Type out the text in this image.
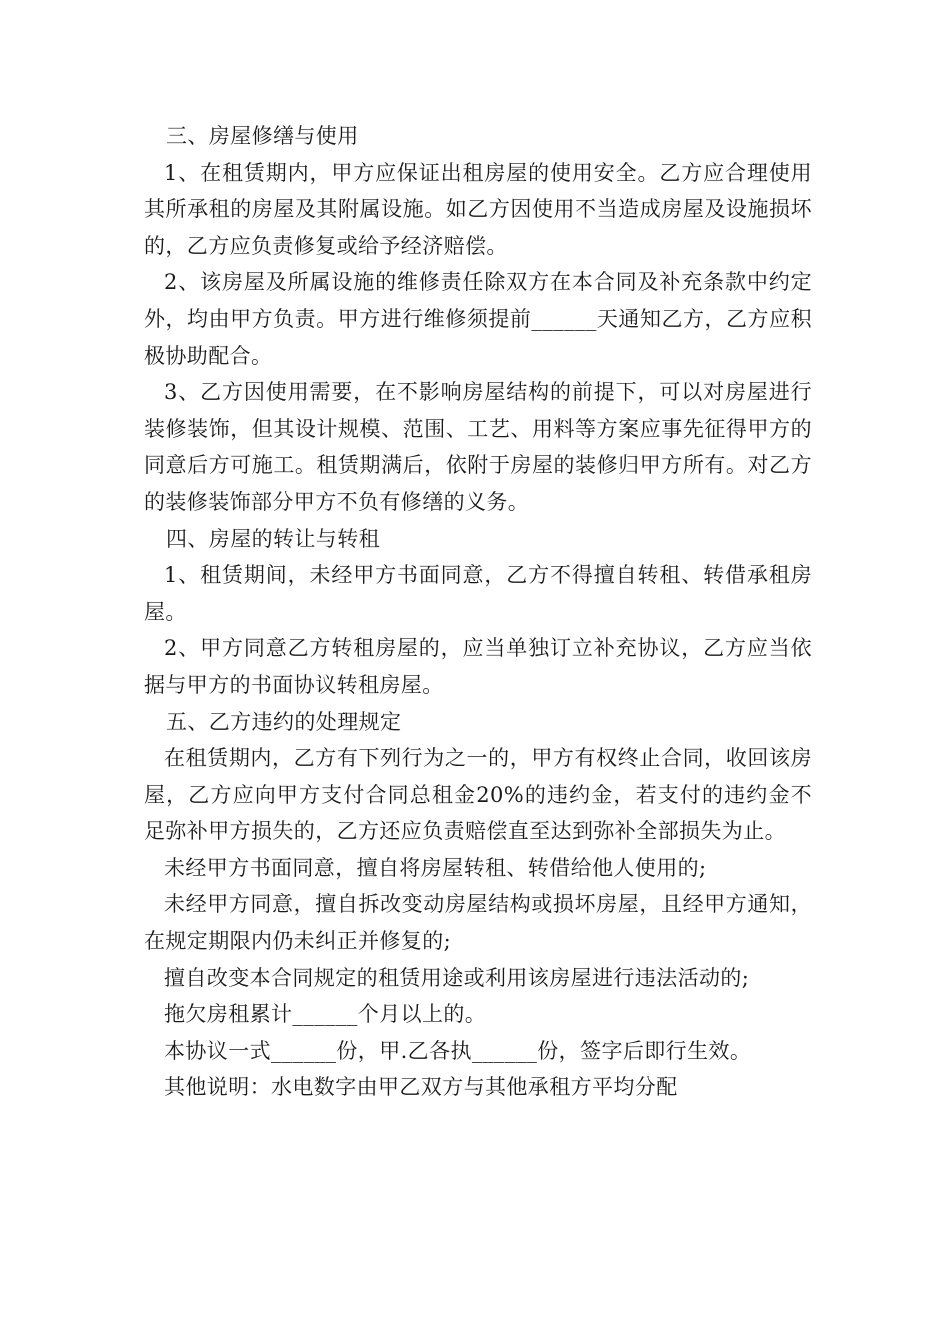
三、房屋修缮与使用

1、在租赁期内，甲方应保证出租房屋的使用安全。乙方应合理使用其所承租的房屋及其附属设施。如乙方因使用不当造成房屋及设施损坏的，乙方应负责修复或给予经济赔偿。

2、该房屋及所属设施的维修责任除双方在本合同及补充条款中约定外，均由甲方负责。甲方进行维修须提前______天通知乙方，乙方应积极协助配合。

3、乙方因使用需要，在不影响房屋结构的前提下，可以对房屋进行装修装饰，但其设计规模、范围、工艺、用料等方案应事先征得甲方的同意后方可施工。租赁期满后，依附于房屋的装修归甲方所有。对乙方的装修装饰部分甲方不负有修缮的义务。

四、房屋的转让与转租

1、租赁期间，未经甲方书面同意，乙方不得擅自转租、转借承租房屋。

2、甲方同意乙方转租房屋的，应当单独订立补充协议，乙方应当依据与甲方的书面协议转租房屋。

五、乙方违约的处理规定

在租赁期内，乙方有下列行为之一的，甲方有权终止合同，收回该房屋，乙方应向甲方支付合同总租金20%的违约金，若支付的违约金不足弥补甲方损失的，乙方还应负责赔偿直至达到弥补全部损失为止。

未经甲方书面同意，擅自将房屋转租、转借给他人使用的;

未经甲方同意，擅自拆改变动房屋结构或损坏房屋，且经甲方通知，在规定期限内仍未纠正并修复的;

擅自改变本合同规定的租赁用途或利用该房屋进行违法活动的;

拖欠房租累计______个月以上的。

本协议一式______份，甲.乙各执______份，签字后即行生效。

其他说明：水电数字由甲乙双方与其他承租方平均分配
